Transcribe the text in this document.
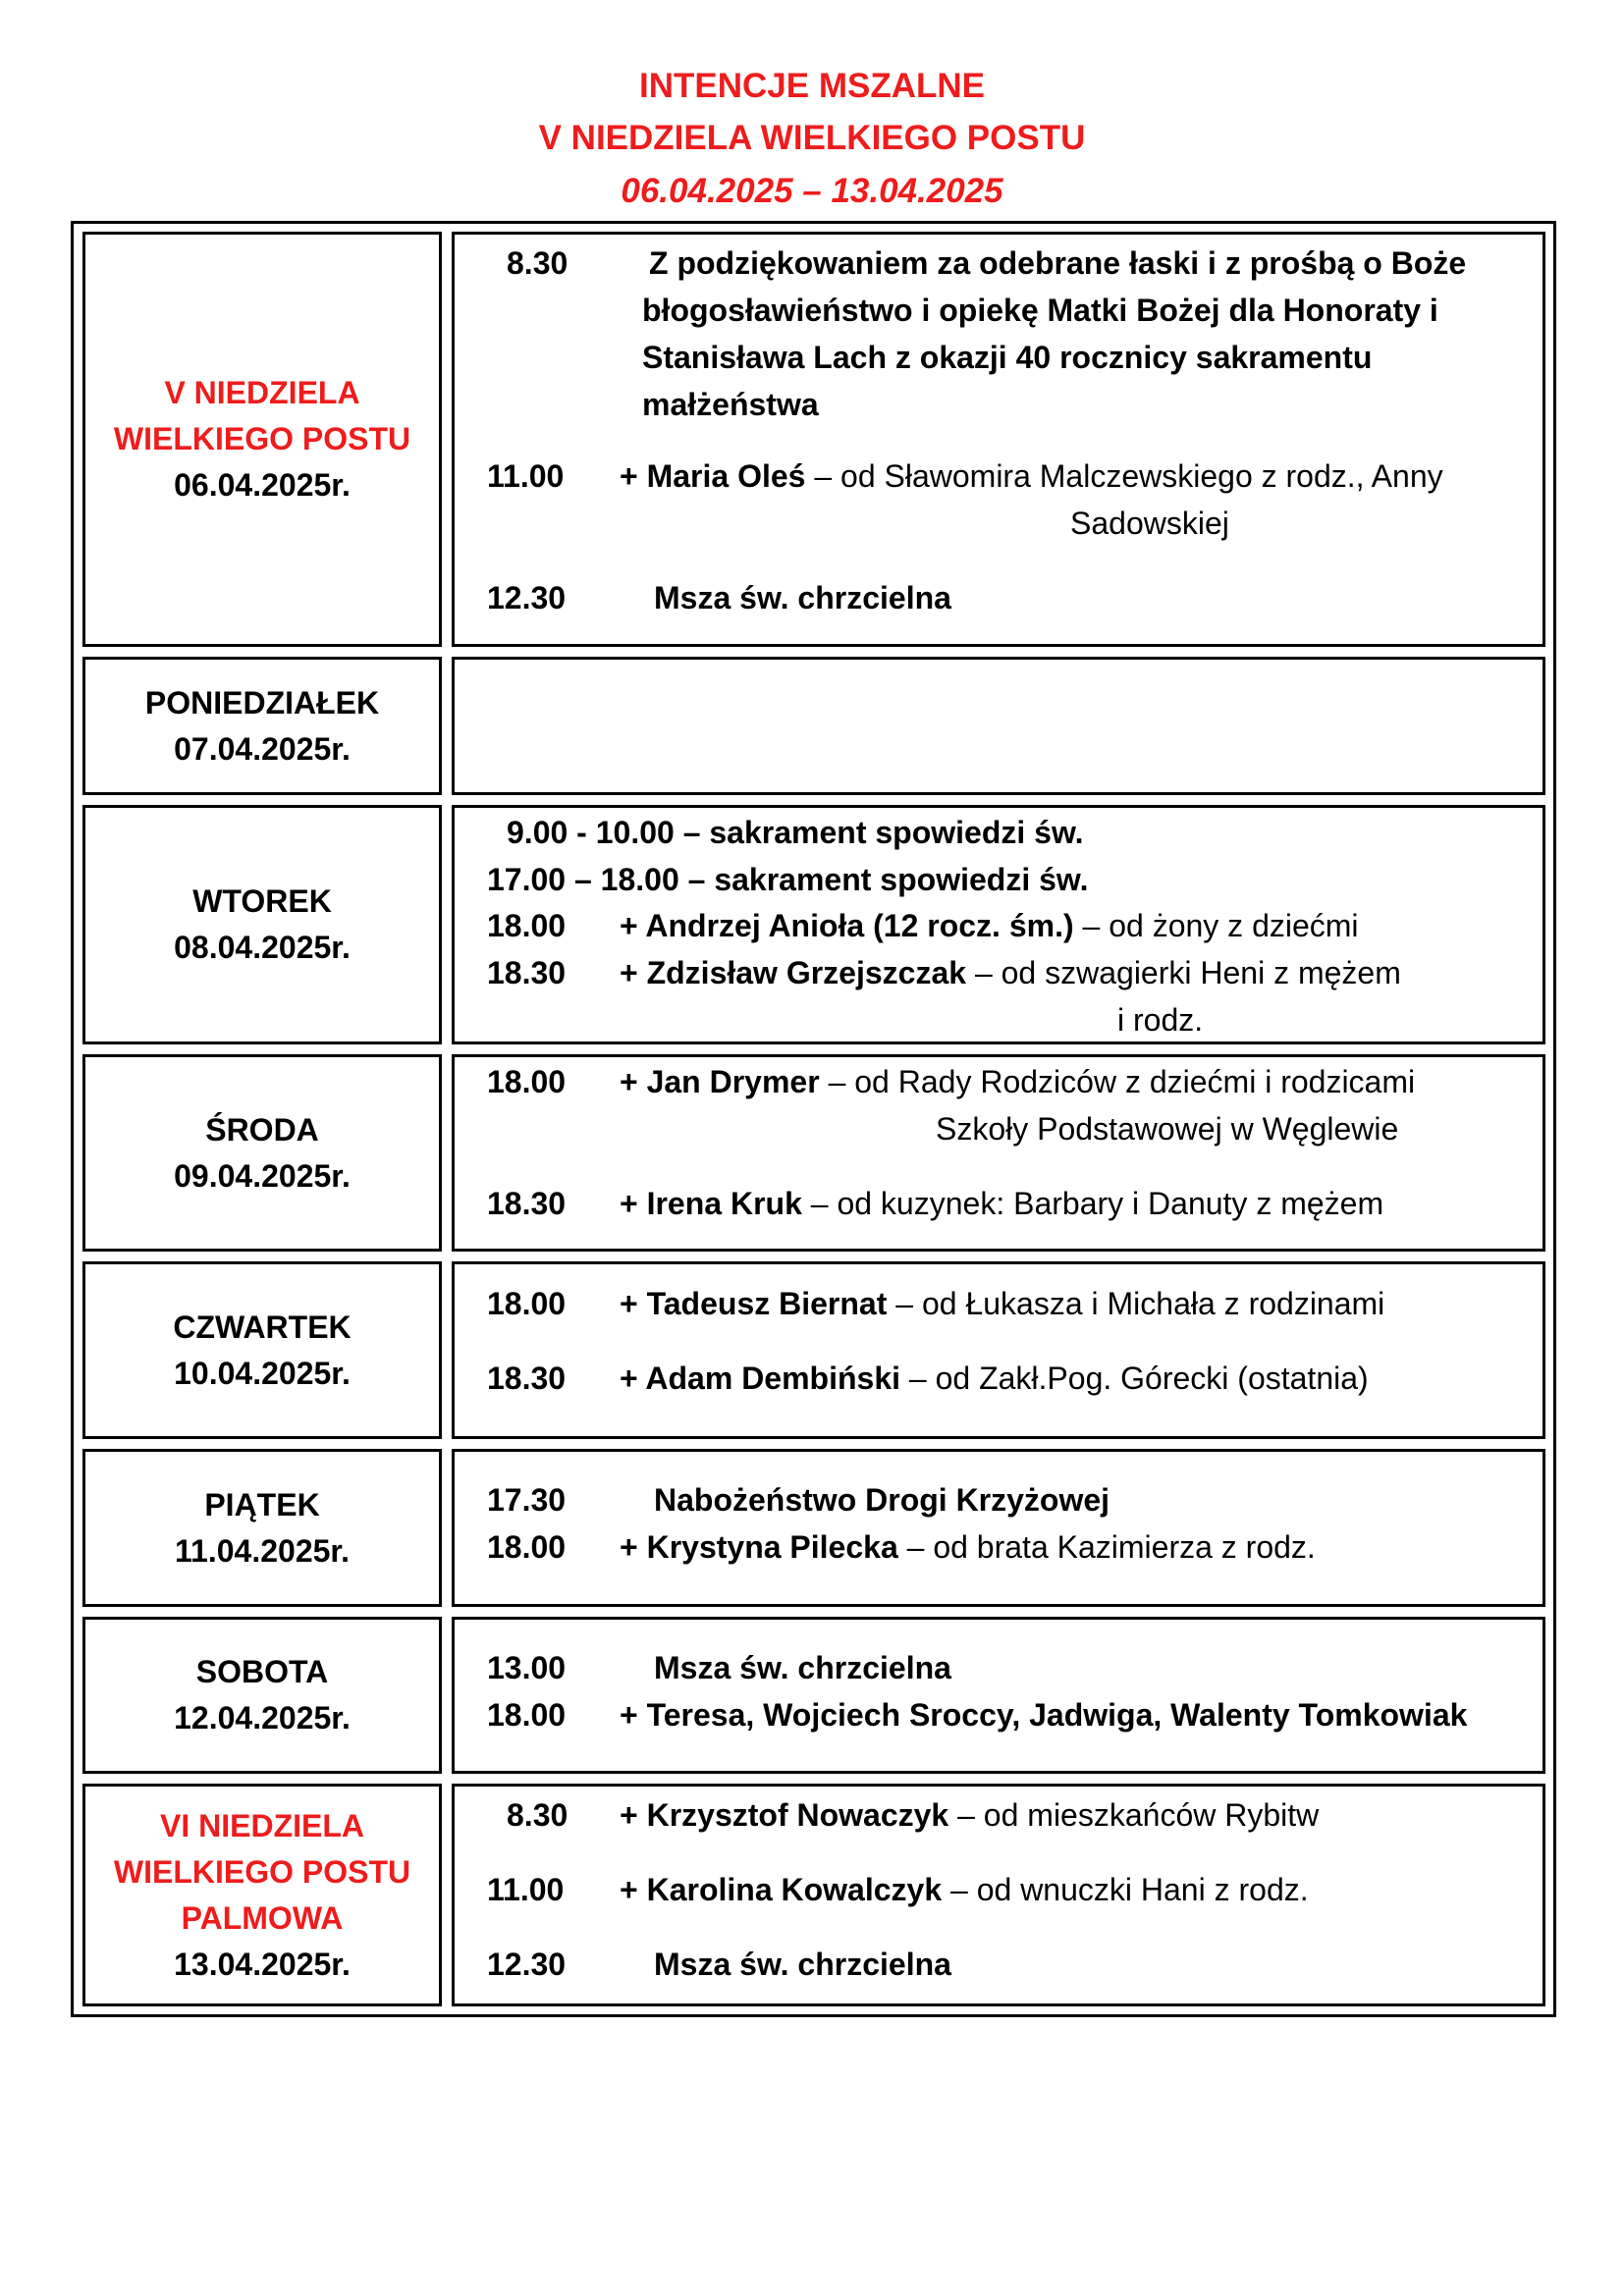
INTENCJE MSZALNE
V NIEDZIELA WIELKIEGO POSTU
06.04.2025 – 13.04.2025
V NIEDZIELA
WIELKIEGO POSTU
06.04.2025r.
8.30	Z podziękowaniem za odebrane łaski i z prośbą o Boże
błogosławieństwo i opiekę Matki Bożej dla Honoraty i
Stanisława Lach z okazji 40 rocznicy sakramentu
małżeństwa
11.00 + Maria Oleś – od Sławomira Malczewskiego z rodz., Anny
Sadowskiej
12.30	Msza św. chrzcielna
PONIEDZIAŁEK
07.04.2025r.
WTOREK
08.04.2025r.
9.00 - 10.00 – sakrament spowiedzi św.
17.00 – 18.00 – sakrament spowiedzi św.
18.00 + Andrzej Anioła (12 rocz. śm.) – od żony z dziećmi
18.30 + Zdzisław Grzejszczak – od szwagierki Heni z mężem
i rodz.
ŚRODA
09.04.2025r.
18.00 + Jan Drymer – od Rady Rodziców z dziećmi i rodzicami
Szkoły Podstawowej w Węglewie
18.30 + Irena Kruk – od kuzynek: Barbary i Danuty z mężem
CZWARTEK
10.04.2025r.
18.00 + Tadeusz Biernat – od Łukasza i Michała z rodzinami
18.30 + Adam Dembiński – od Zakł.Pog. Górecki (ostatnia)
PIĄTEK
11.04.2025r.
17.30	Nabożeństwo Drogi Krzyżowej
18.00 + Krystyna Pilecka – od brata Kazimierza z rodz.
SOBOTA
12.04.2025r.
13.00	Msza św. chrzcielna
18.00 + Teresa, Wojciech Sroccy, Jadwiga, Walenty Tomkowiak
VI NIEDZIELA
WIELKIEGO POSTU
PALMOWA
13.04.2025r.
8.30 + Krzysztof Nowaczyk – od mieszkańców Rybitw
11.00 + Karolina Kowalczyk – od wnuczki Hani z rodz.
12.30	Msza św. chrzcielna
